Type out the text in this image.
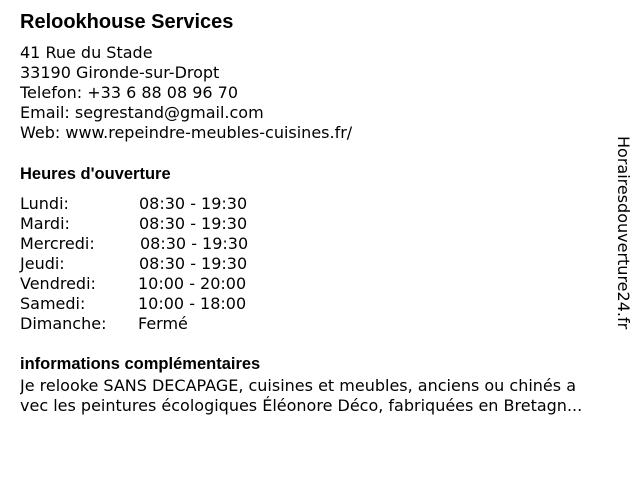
Relookhouse Services
41 Rue du Stade
33190 Gironde-sur-Dropt
Telefon: +33 6 88 08 96 70
Email: segrestand@gmail.com
Web: www.repeindre-meubles-cuisines.fr/
Heures d'ouverture
Lundi:	08:30 - 19:30
Mardi:	08:30 - 19:30
Mercredi:	08:30 - 19:30
Jeudi:	08:30 - 19:30
Vendredi:	10:00 - 20:00
Samedi:	10:00 - 18:00
Dimanche: Fermé
informations complémentaires
Je relooke SANS DECAPAGE, cuisines et meubles, anciens ou chinés a
vec les peintures écologiques Éléonore Déco, fabriquées en Bretagn...
Horairesdouverture24.fr
